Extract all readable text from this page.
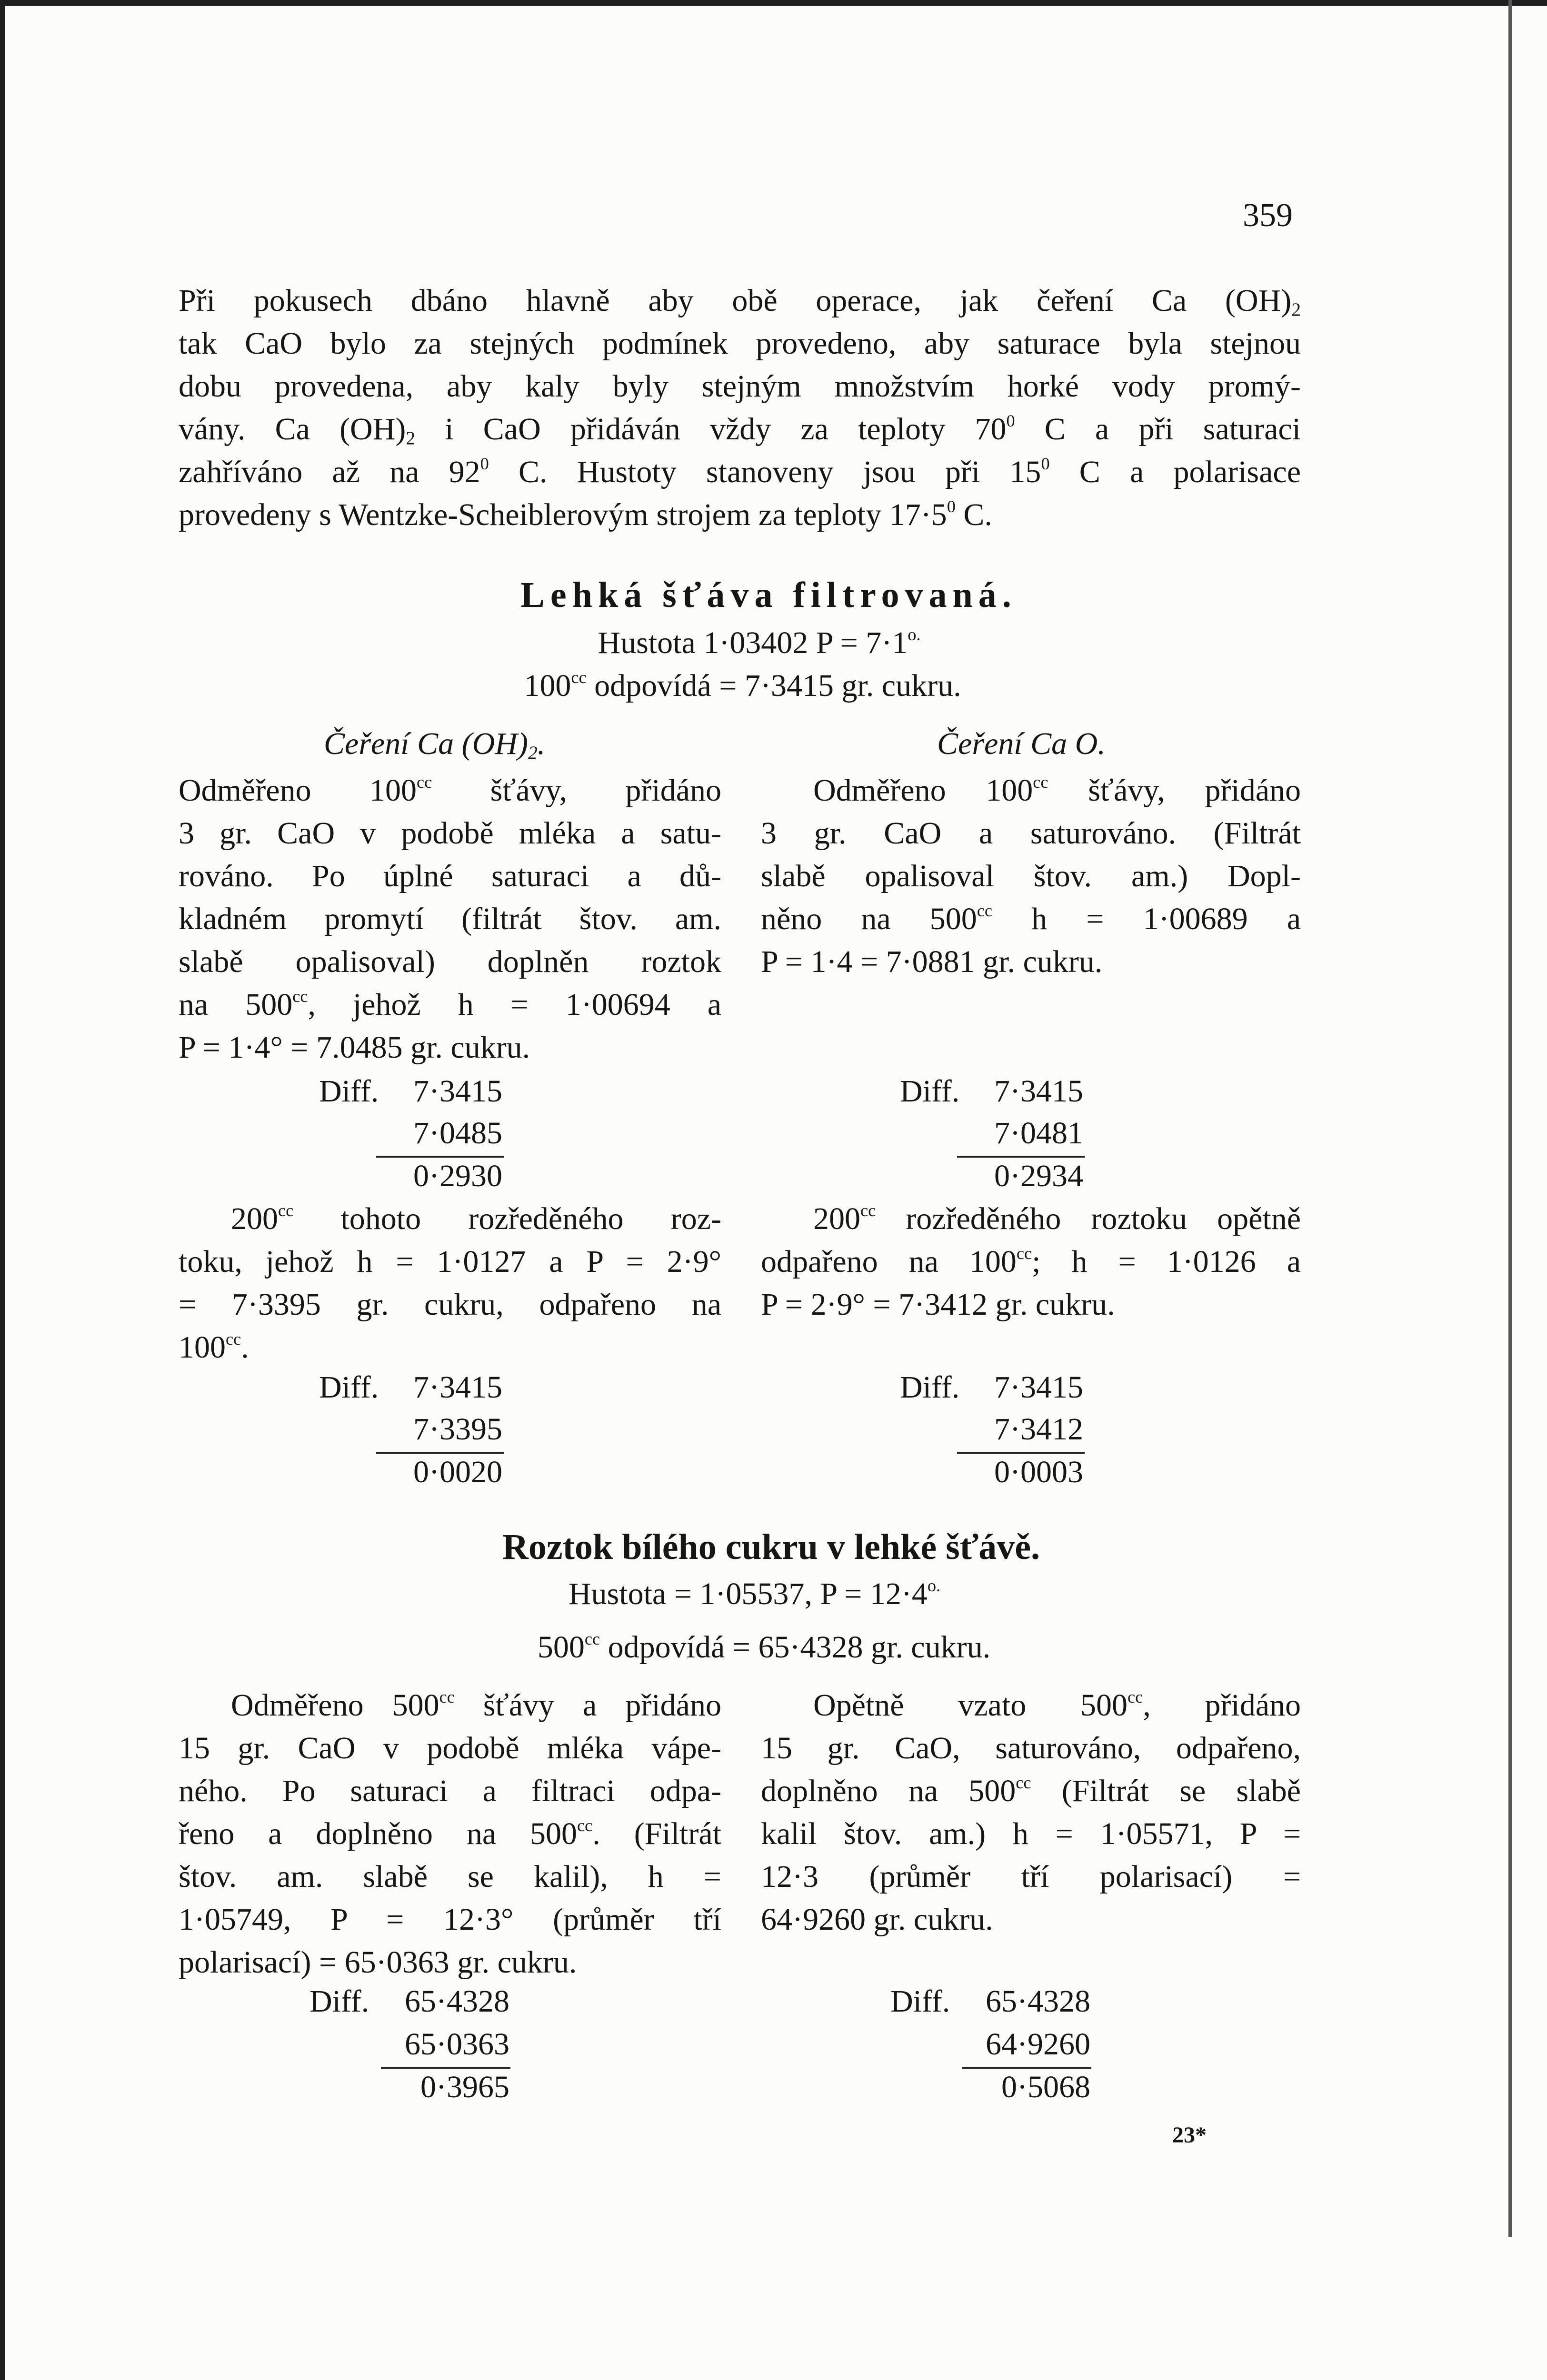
359
Při pokusech dbáno hlavně aby obě operace, jak čeření Ca $(OH)_2$
tak CaO bylo za stejných podmínek provedeno, aby saturace byla stejnou
dobu provedena, aby kaly byly stejným množstvím horké vody promý-
vány. Ca $(OH)_2$ i CaO přidáván vždy za teploty $70^0$ C a při saturaci
zahříváno až na $92^0$ C. Hustoty stanoveny jsou při $15^0$ C a polarisace
provedeny s Wentzke-Scheiblerovým strojem za teploty $17\cdot 5^0$ C.
Lehká šťáva filtrovaná.
Hustota 1·03402 $P = 7\cdot 1^{o.}$
$100^{cc}$ odpovídá = 7·3415 gr. cukru.
Čeření Ca $(OH)_2$.
Odměřeno $100^{cc}$ šťávy, přidáno
3 gr. CaO v podobě mléka a satu-
rováno. Po úplné saturaci a dů-
kladném promytí (filtrát štov. am.
slabě opalisoval) doplněn roztok
na $500^{cc}$, jehož h = 1·00694 a
P = 1·4° = 7.0485 gr. cukru.
Diff.	7·3415
7·0485
0·2930
$200^{cc}$ tohoto rozředěného roz-
toku, jehož h = 1·0127 a P = 2·9°
= 7·3395 gr. cukru, odpařeno na
$100^{cc}$.
Diff.	7·3415
7·3395
0·0020
Čeření Ca O.
Odměřeno $100^{cc}$ šťávy, přidáno
3 gr. CaO a saturováno. (Filtrát
slabě opalisoval štov. am.) Dopl-
něno na $500^{cc}$ h = 1·00689 a
P = 1·4 = 7·0881 gr. cukru.
Diff.	7·3415
7·0481
0·2934
$200^{cc}$ rozředěného roztoku opětně
odpařeno na $100^{cc}$; h = 1·0126 a
P = 2·9° = 7·3412 gr. cukru.
Diff.	7·3415
7·3412
0·0003
Roztok bílého cukru v lehké šťávě.
Hustota = 1·05537, $P = 12\cdot 4^{o.}$
$500^{cc}$ odpovídá = 65·4328 gr. cukru.
Odměřeno $500^{cc}$ šťávy a přidáno
15 gr. CaO v podobě mléka vápe-
ného. Po saturaci a filtraci odpa-
řeno a doplněno na $500^{cc}$. (Filtrát
štov. am. slabě se kalil), h =
1·05749, P = 12·3° (průměr tří
polarisací) = 65·0363 gr. cukru.
Diff.	65·4328
65·0363
0·3965
Opětně vzato $500^{cc}$, přidáno
15 gr. CaO, saturováno, odpařeno,
doplněno na $500^{cc}$ (Filtrát se slabě
kalil štov. am.) h = 1·05571, P =
12·3 (průměr tří polarisací) =
64·9260 gr. cukru.
Diff.	65·4328
64·9260
0·5068
23*
